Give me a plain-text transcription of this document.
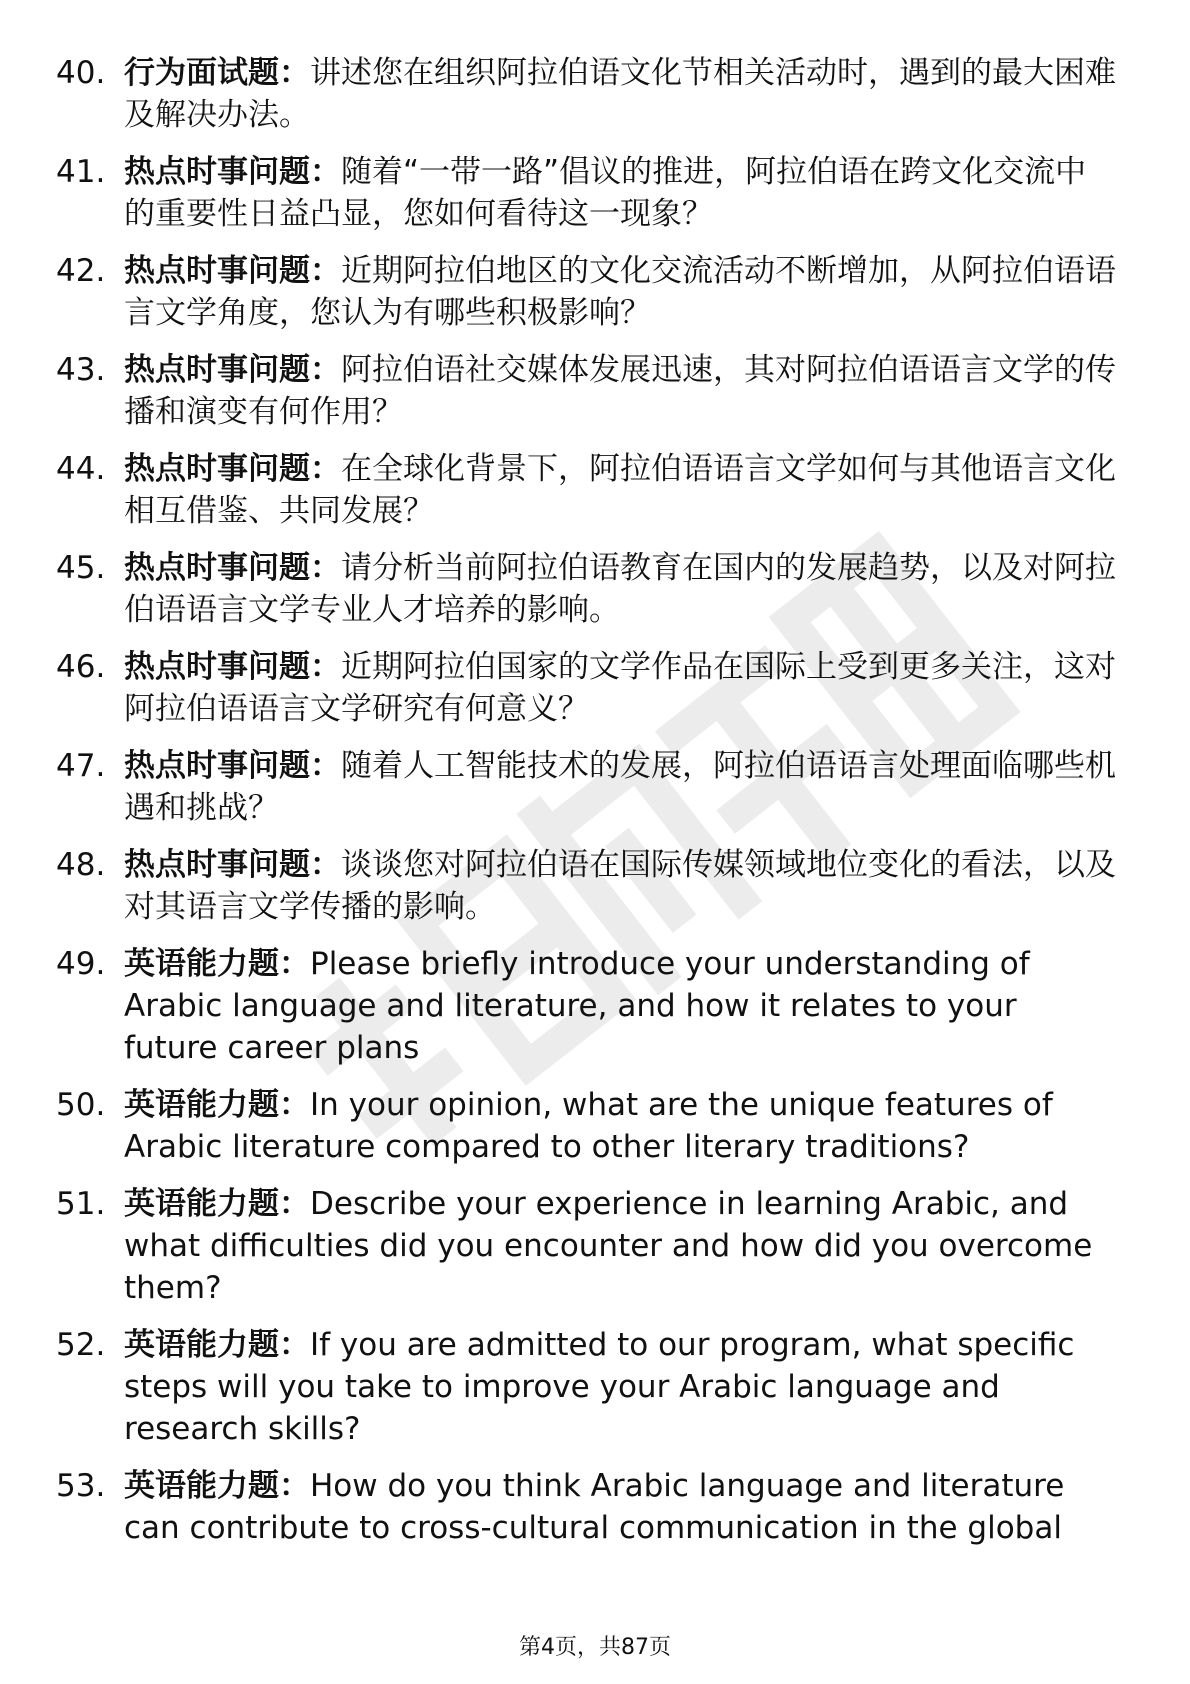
40. 行为面试题：讲述您在组织阿拉伯语文化节相关活动时，遇到的最大困难及解决办法。
41. 热点时事问题：随着“一带一路”倡议的推进，阿拉伯语在跨文化交流中的重要性日益凸显，您如何看待这一现象？
42. 热点时事问题：近期阿拉伯地区的文化交流活动不断增加，从阿拉伯语语言文学角度，您认为有哪些积极影响？
43. 热点时事问题：阿拉伯语社交媒体发展迅速，其对阿拉伯语语言文学的传播和演变有何作用？
44. 热点时事问题：在全球化背景下，阿拉伯语语言文学如何与其他语言文化相互借鉴、共同发展？
45. 热点时事问题：请分析当前阿拉伯语教育在国内的发展趋势，以及对阿拉伯语语言文学专业人才培养的影响。
46. 热点时事问题：近期阿拉伯国家的文学作品在国际上受到更多关注，这对阿拉伯语语言文学研究有何意义？
47. 热点时事问题：随着人工智能技术的发展，阿拉伯语语言处理面临哪些机遇和挑战？
48. 热点时事问题：谈谈您对阿拉伯语在国际传媒领域地位变化的看法，以及对其语言文学传播的影响。
49. 英语能力题：Please briefly introduce your understanding of Arabic language and literature, and how it relates to your future career plans
50. 英语能力题：In your opinion, what are the unique features of Arabic literature compared to other literary traditions?
51. 英语能力题：Describe your experience in learning Arabic, and what difficulties did you encounter and how did you overcome them?
52. 英语能力题：If you are admitted to our program, what specific steps will you take to improve your Arabic language and research skills?
53. 英语能力题：How do you think Arabic language and literature can contribute to cross-cultural communication in the global
第4页，共87页
